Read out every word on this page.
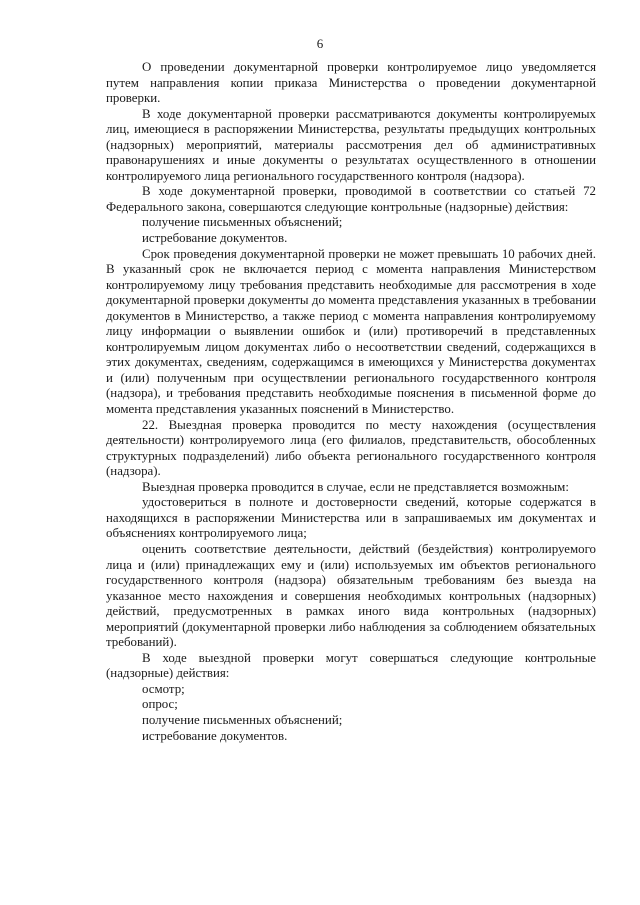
6

О проведении документарной проверки контролируемое лицо уведомляется путем направления копии приказа Министерства о проведении документарной проверки.

В ходе документарной проверки рассматриваются документы контролируемых лиц, имеющиеся в распоряжении Министерства, результаты предыдущих контрольных (надзорных) мероприятий, материалы рассмотрения дел об административных правонарушениях и иные документы о результатах осуществленного в отношении контролируемого лица регионального государственного контроля (надзора).

В ходе документарной проверки, проводимой в соответствии со статьей 72 Федерального закона, совершаются следующие контрольные (надзорные) действия:

получение письменных объяснений;

истребование документов.

Срок проведения документарной проверки не может превышать 10 рабочих дней. В указанный срок не включается период с момента направления Министерством контролируемому лицу требования представить необходимые для рассмотрения в ходе документарной проверки документы до момента представления указанных в требовании документов в Министерство, а также период с момента направления контролируемому лицу информации о выявлении ошибок и (или) противоречий в представленных контролируемым лицом документах либо о несоответствии сведений, содержащихся в этих документах, сведениям, содержащимся в имеющихся у Министерства документах и (или) полученным при осуществлении регионального государственного контроля (надзора), и требования представить необходимые пояснения в письменной форме до момента представления указанных пояснений в Министерство.

22. Выездная проверка проводится по месту нахождения (осуществления деятельности) контролируемого лица (его филиалов, представительств, обособленных структурных подразделений) либо объекта регионального государственного контроля (надзора).

Выездная проверка проводится в случае, если не представляется возможным:

удостовериться в полноте и достоверности сведений, которые содержатся в находящихся в распоряжении Министерства или в запрашиваемых им документах и объяснениях контролируемого лица;

оценить соответствие деятельности, действий (бездействия) контролируемого лица и (или) принадлежащих ему и (или) используемых им объектов регионального государственного контроля (надзора) обязательным требованиям без выезда на указанное место нахождения и совершения необходимых контрольных (надзорных) действий, предусмотренных в рамках иного вида контрольных (надзорных) мероприятий (документарной проверки либо наблюдения за соблюдением обязательных требований).

В ходе выездной проверки могут совершаться следующие контрольные (надзорные) действия:

осмотр;

опрос;

получение письменных объяснений;

истребование документов.
